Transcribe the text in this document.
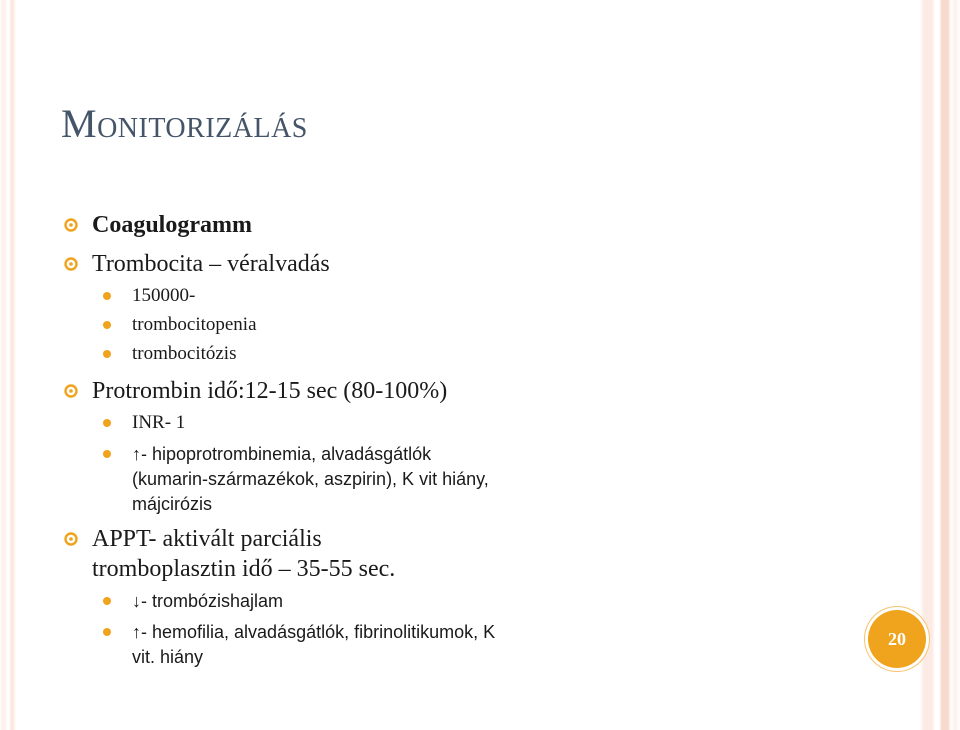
Monitorizálás
Coagulogramm
Trombocita – véralvadás
150000-
trombocitopenia
trombocitózis
Protrombin idő:12-15 sec (80-100%)
INR- 1
↑- hipoprotrombinemia, alvadásgátlók
(kumarin-származékok, aszpirin), K vit hiány,
májcirózis
APPT- aktivált parciális
tromboplasztin idő – 35-55 sec.
↓- trombózishajlam
↑- hemofilia, alvadásgátlók, fibrinolitikumok, K
vit. hiány
20
